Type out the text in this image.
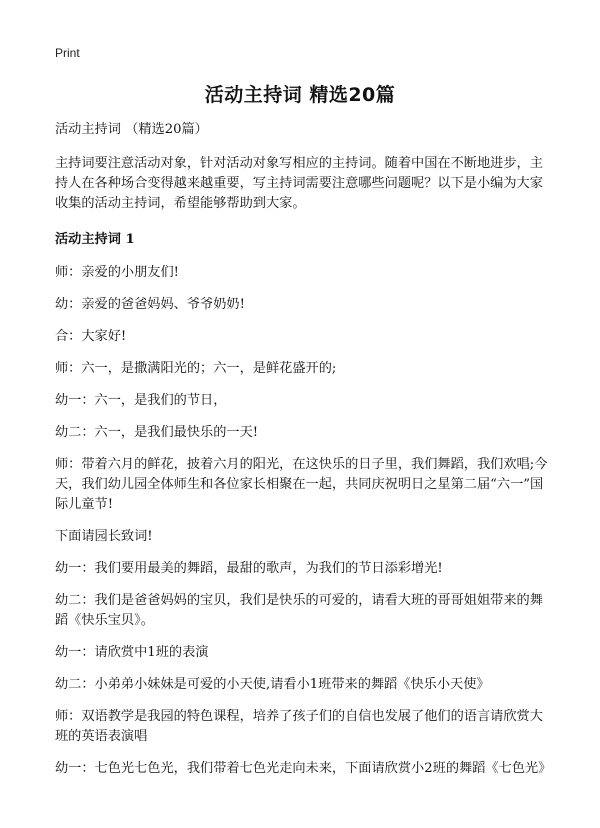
Print
活动主持词 精选20篇

活动主持词 （精选20篇）

主持词要注意活动对象，针对活动对象写相应的主持词。随着中国在不断地进步，主持人在各种场合变得越来越重要，写主持词需要注意哪些问题呢？以下是小编为大家收集的活动主持词，希望能够帮助到大家。

活动主持词 1

师：亲爱的小朋友们!

幼：亲爱的爸爸妈妈、爷爷奶奶!

合：大家好!

师：六一，是撒满阳光的；六一，是鲜花盛开的;

幼一：六一，是我们的节日，

幼二：六一，是我们最快乐的一天!

师：带着六月的鲜花，披着六月的阳光，在这快乐的日子里，我们舞蹈，我们欢唱;今天，我们幼儿园全体师生和各位家长相聚在一起，共同庆祝明日之星第二届“六一”国际儿童节!

下面请园长致词!

幼一：我们要用最美的舞蹈，最甜的歌声，为我们的节日添彩增光!

幼二：我们是爸爸妈妈的宝贝，我们是快乐的可爱的，请看大班的哥哥姐姐带来的舞蹈《快乐宝贝》。

幼一：请欣赏中1班的表演

幼二：小弟弟小妹妹是可爱的小天使,请看小1班带来的舞蹈《快乐小天使》

师：双语教学是我园的特色课程，培养了孩子们的自信也发展了他们的语言请欣赏大班的英语表演唱

幼一：七色光七色光，我们带着七色光走向未来，下面请欣赏小2班的舞蹈《七色光》
